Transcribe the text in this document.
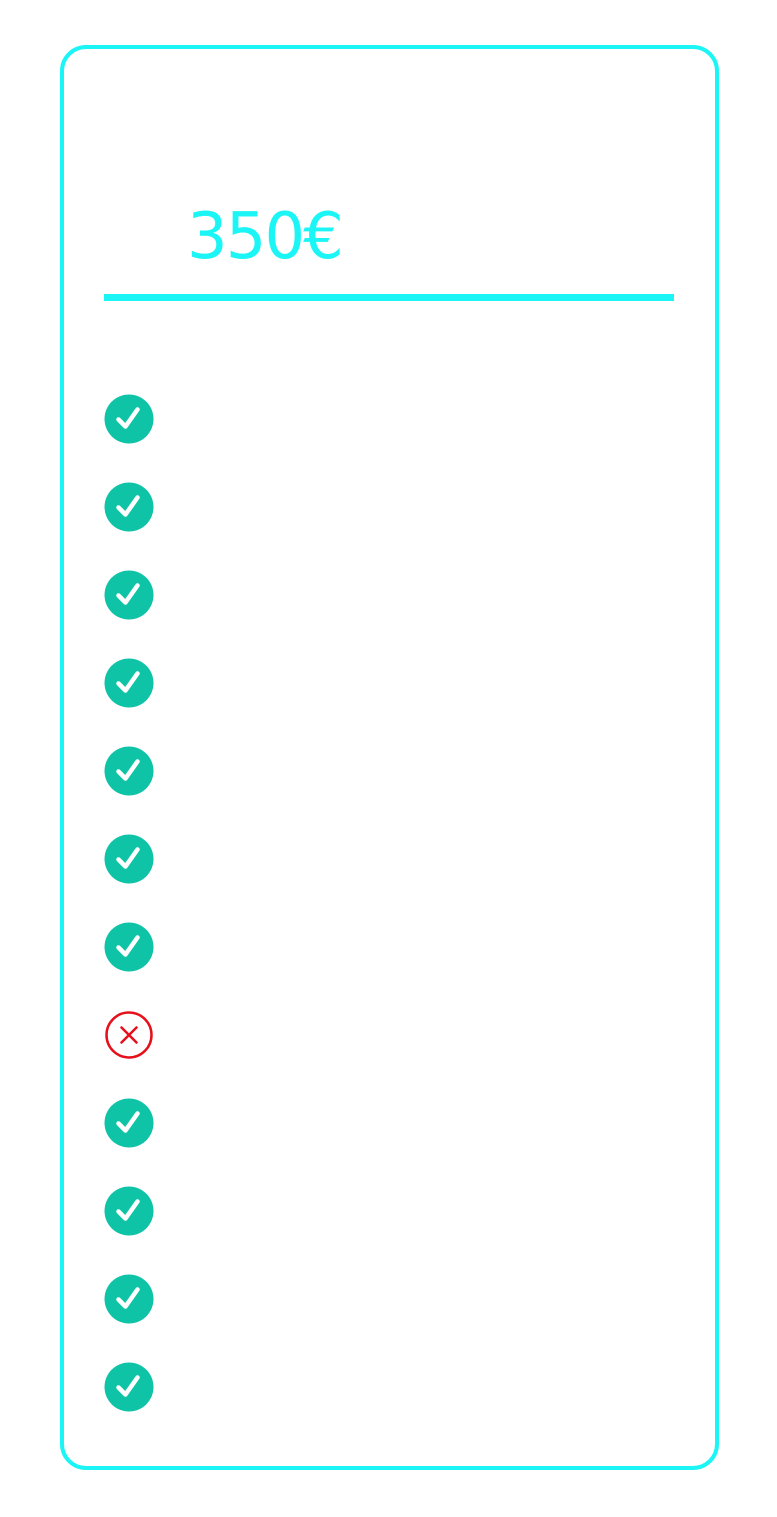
350€
